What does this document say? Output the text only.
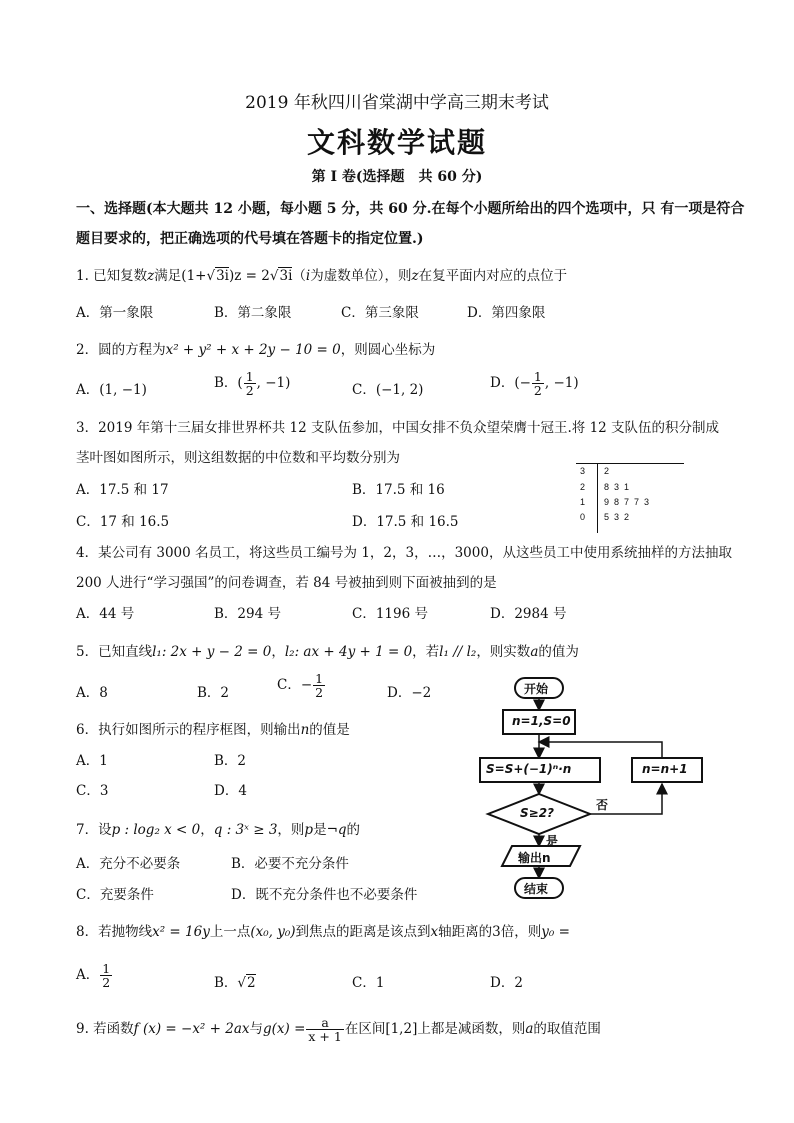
2019 年秋四川省棠湖中学高三期末考试
文科数学试题
第 I 卷(选择题　共 60 分)
一、选择题(本大题共 12 小题，每小题 5 分，共 60 分.在每个小题所给出的四个选项中，只 有一项是符合
题目要求的，把正确选项的代号填在答题卡的指定位置.)
1. 已知复数z满足(1+√3i)z = 2√3i（i为虚数单位），则z在复平面内对应的点位于
A．第一象限	B．第二象限	C．第三象限	D．第四象限
2．圆的方程为x² + y² + x + 2y − 10 = 0，则圆心坐标为
A．(1, −1)	B．( $\frac{1}{2}$ , −1)	C．(−1, 2)	D．(− $\frac{1}{2}$ , −1)
3．2019 年第十三届女排世界杯共 12 支队伍参加，中国女排不负众望荣膺十冠王.将 12 支队伍的积分制成
茎叶图如图所示，则这组数据的中位数和平均数分别为
A．17.5 和 17	B．17.5 和 16
C．17 和 16.5	D．17.5 和 16.5
3 2
2 8  3  1
1 9  8  7  7  3
0 5  3  2
4．某公司有 3000 名员工，将这些员工编号为 1，2，3，…，3000，从这些员工中使用系统抽样的方法抽取
200 人进行“学习强国”的问卷调查，若 84 号被抽到则下面被抽到的是
A．44 号	B．294 号	C．1196 号	D．2984 号
5．已知直线l₁: 2x + y − 2 = 0，l₂: ax + 4y + 1 = 0，若l₁ // l₂，则实数a的值为
A．8	B．2	C．− $\frac{1}{2}$	D．−2
6．执行如图所示的程序框图，则输出n的值是
A．1	B．2
C．3	D．4
开始
n=1,S=0
S=S+(−1)ⁿ·n	n=n+1
S≥2?
否
是
输出n
结束
7．设p : log₂ x < 0，q : 3ˣ ≥ 3，则p是¬q的
A．充分不必要条	B．必要不充分条件
C．充要条件	D．既不充分条件也不必要条件
8．若抛物线x² = 16y上一点(x₀, y₀)到焦点的距离是该点到x轴距离的3倍，则y₀ =
A． $\frac{1}{2}$	B．√2	C．1	D．2
9. 若函数f (x) = −x² + 2ax与$g(x) = \frac{a}{x + 1}$ 在区间[1,2]上都是减函数，则a的取值范围
